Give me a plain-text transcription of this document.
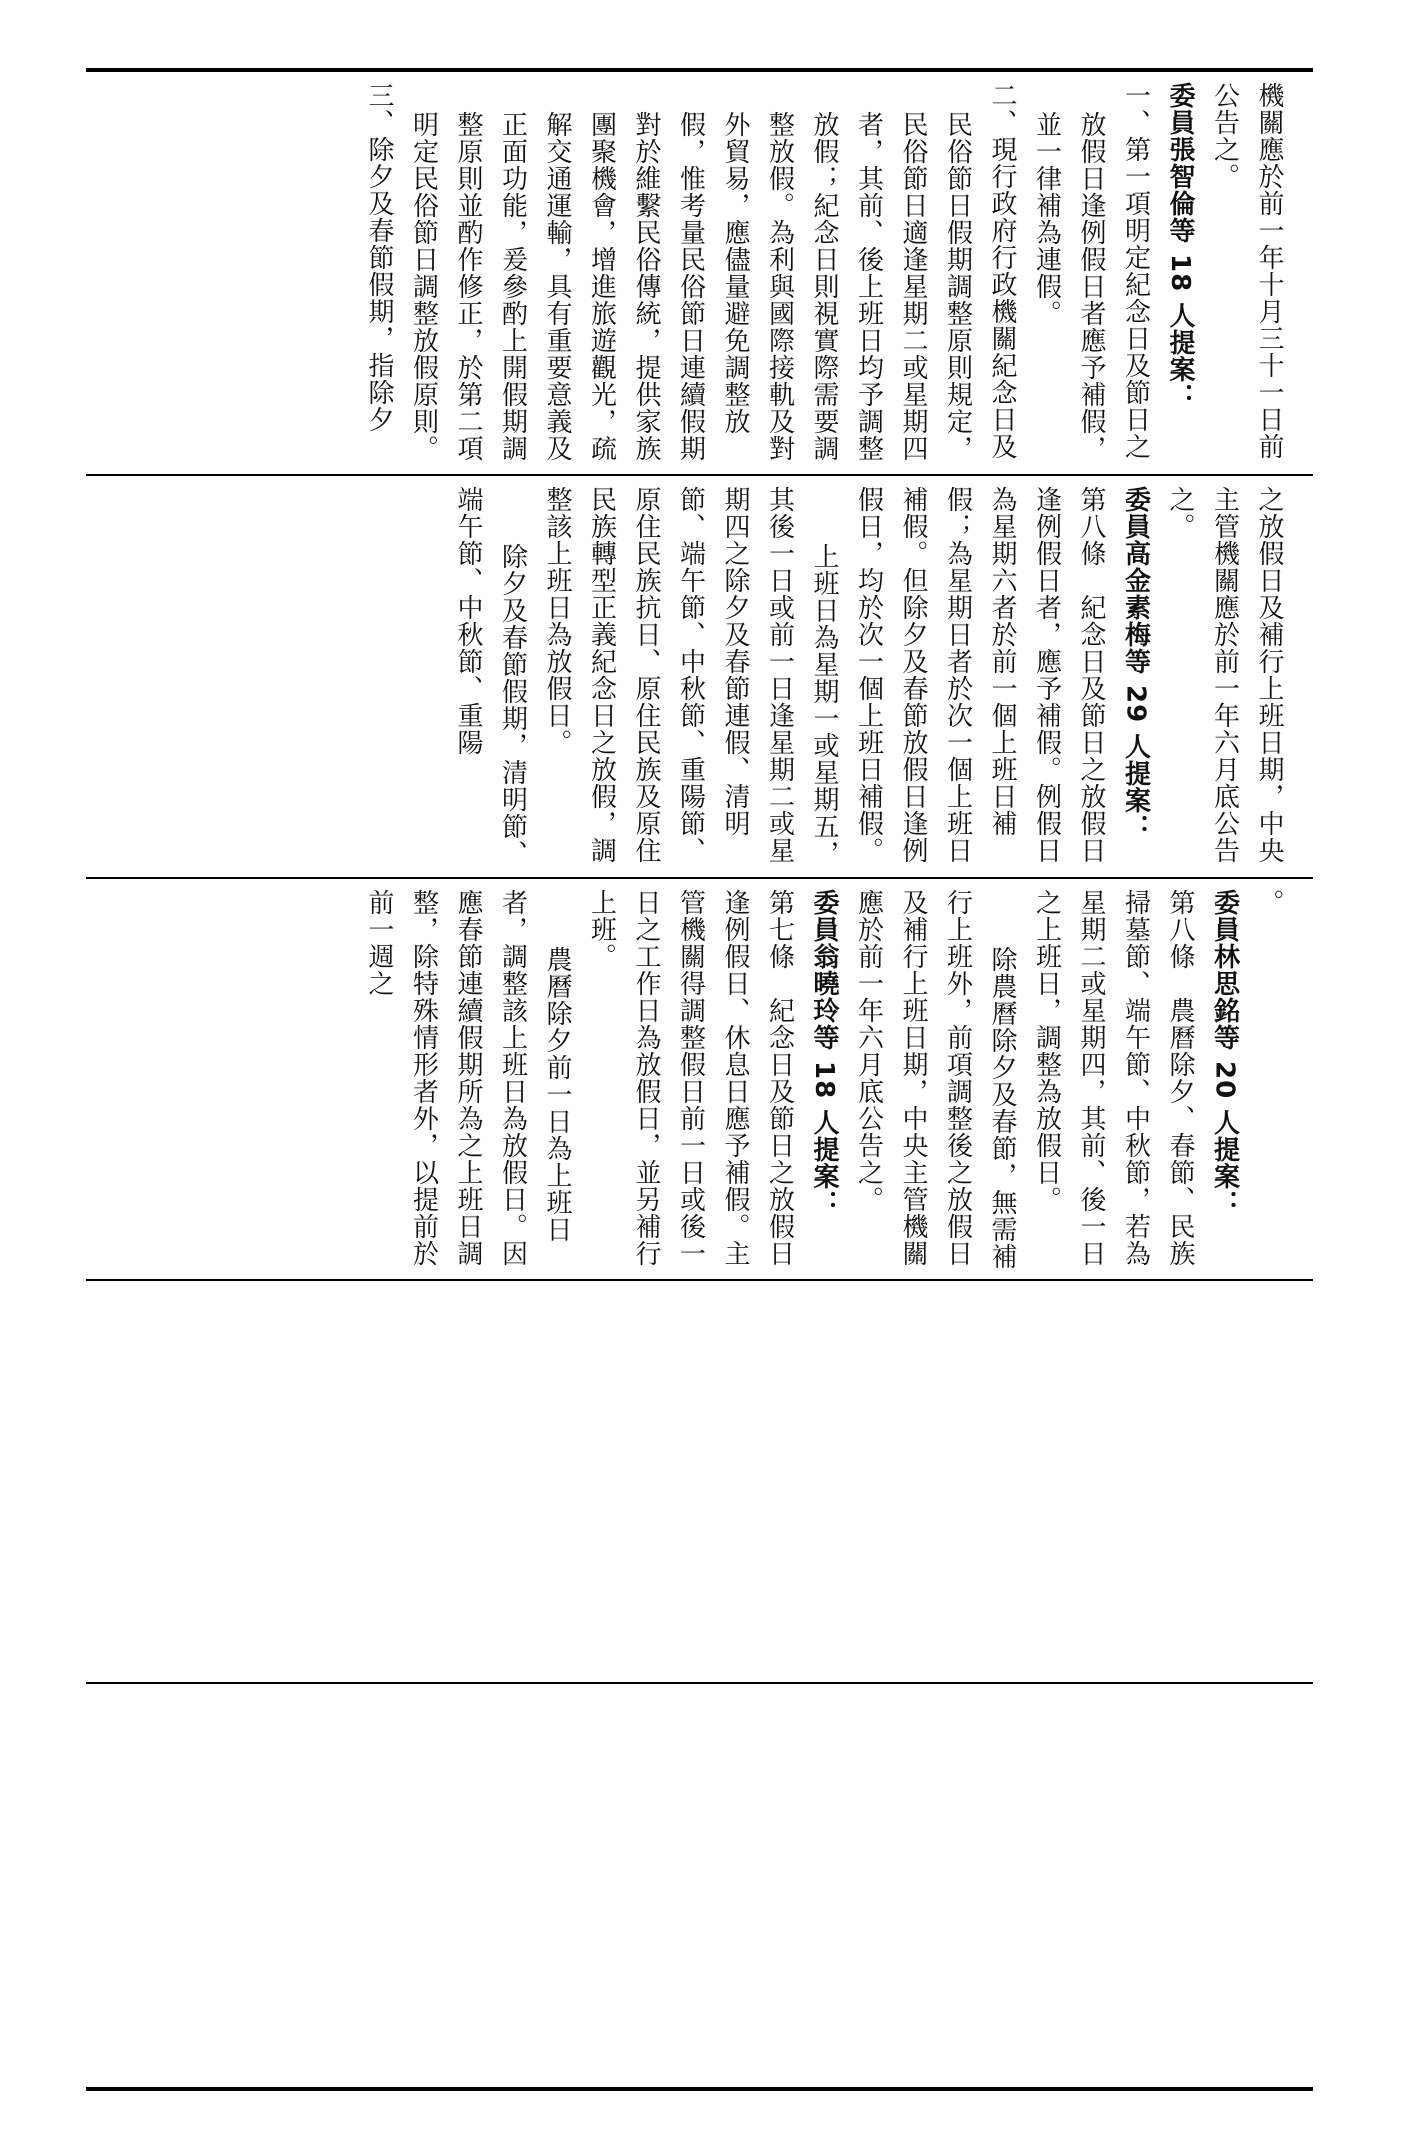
機關應於前一年十月三十一日前公告之。

委員張智倫等 18 人提案：

一、第一項明定紀念日及節日之放假日逢例假日者應予補假，並一律補為連假。

二、現行政府行政機關紀念日及民俗節日假期調整原則規定，民俗節日適逢星期二或星期四者，其前、後上班日均予調整放假；紀念日則視實際需要調整放假。為利與國際接軌及對外貿易，應儘量避免調整放假，惟考量民俗節日連續假期對於維繫民俗傳統，提供家族團聚機會，增進旅遊觀光，疏解交通運輸，具有重要意義及正面功能，爰參酌上開假期調整原則並酌作修正，於第二項明定民俗節日調整放假原則。

三、除夕及春節假期，指除夕

之放假日及補行上班日期，中央主管機關應於前一年六月底公告之。

委員高金素梅等 29 人提案：

第八條　紀念日及節日之放假日逢例假日者，應予補假。例假日為星期六者於前一個上班日補假；為星期日者於次一個上班日補假。但除夕及春節放假日逢例假日，均於次一個上班日補假。

上班日為星期一或星期五，其後一日或前一日逢星期二或星期四之除夕及春節連假、清明節、端午節、中秋節、重陽節、原住民族抗日、原住民族及原住民族轉型正義紀念日之放假，調整該上班日為放假日。

除夕及春節假期，清明節、端午節、中秋節、重陽

。

委員林思銘等 20 人提案：

第八條　農曆除夕、春節、民族掃墓節、端午節、中秋節，若為星期二或星期四，其前、後一日之上班日，調整為放假日。

除農曆除夕及春節，無需補行上班外，前項調整後之放假日及補行上班日期，中央主管機關應於前一年六月底公告之。

委員翁曉玲等 18 人提案：

第七條　紀念日及節日之放假日逢例假日、休息日應予補假。主管機關得調整假日前一日或後一日之工作日為放假日，並另補行上班。

農曆除夕前一日為上班日者，調整該上班日為放假日。因應春節連續假期所為之上班日調整，除特殊情形者外，以提前於前一週之
